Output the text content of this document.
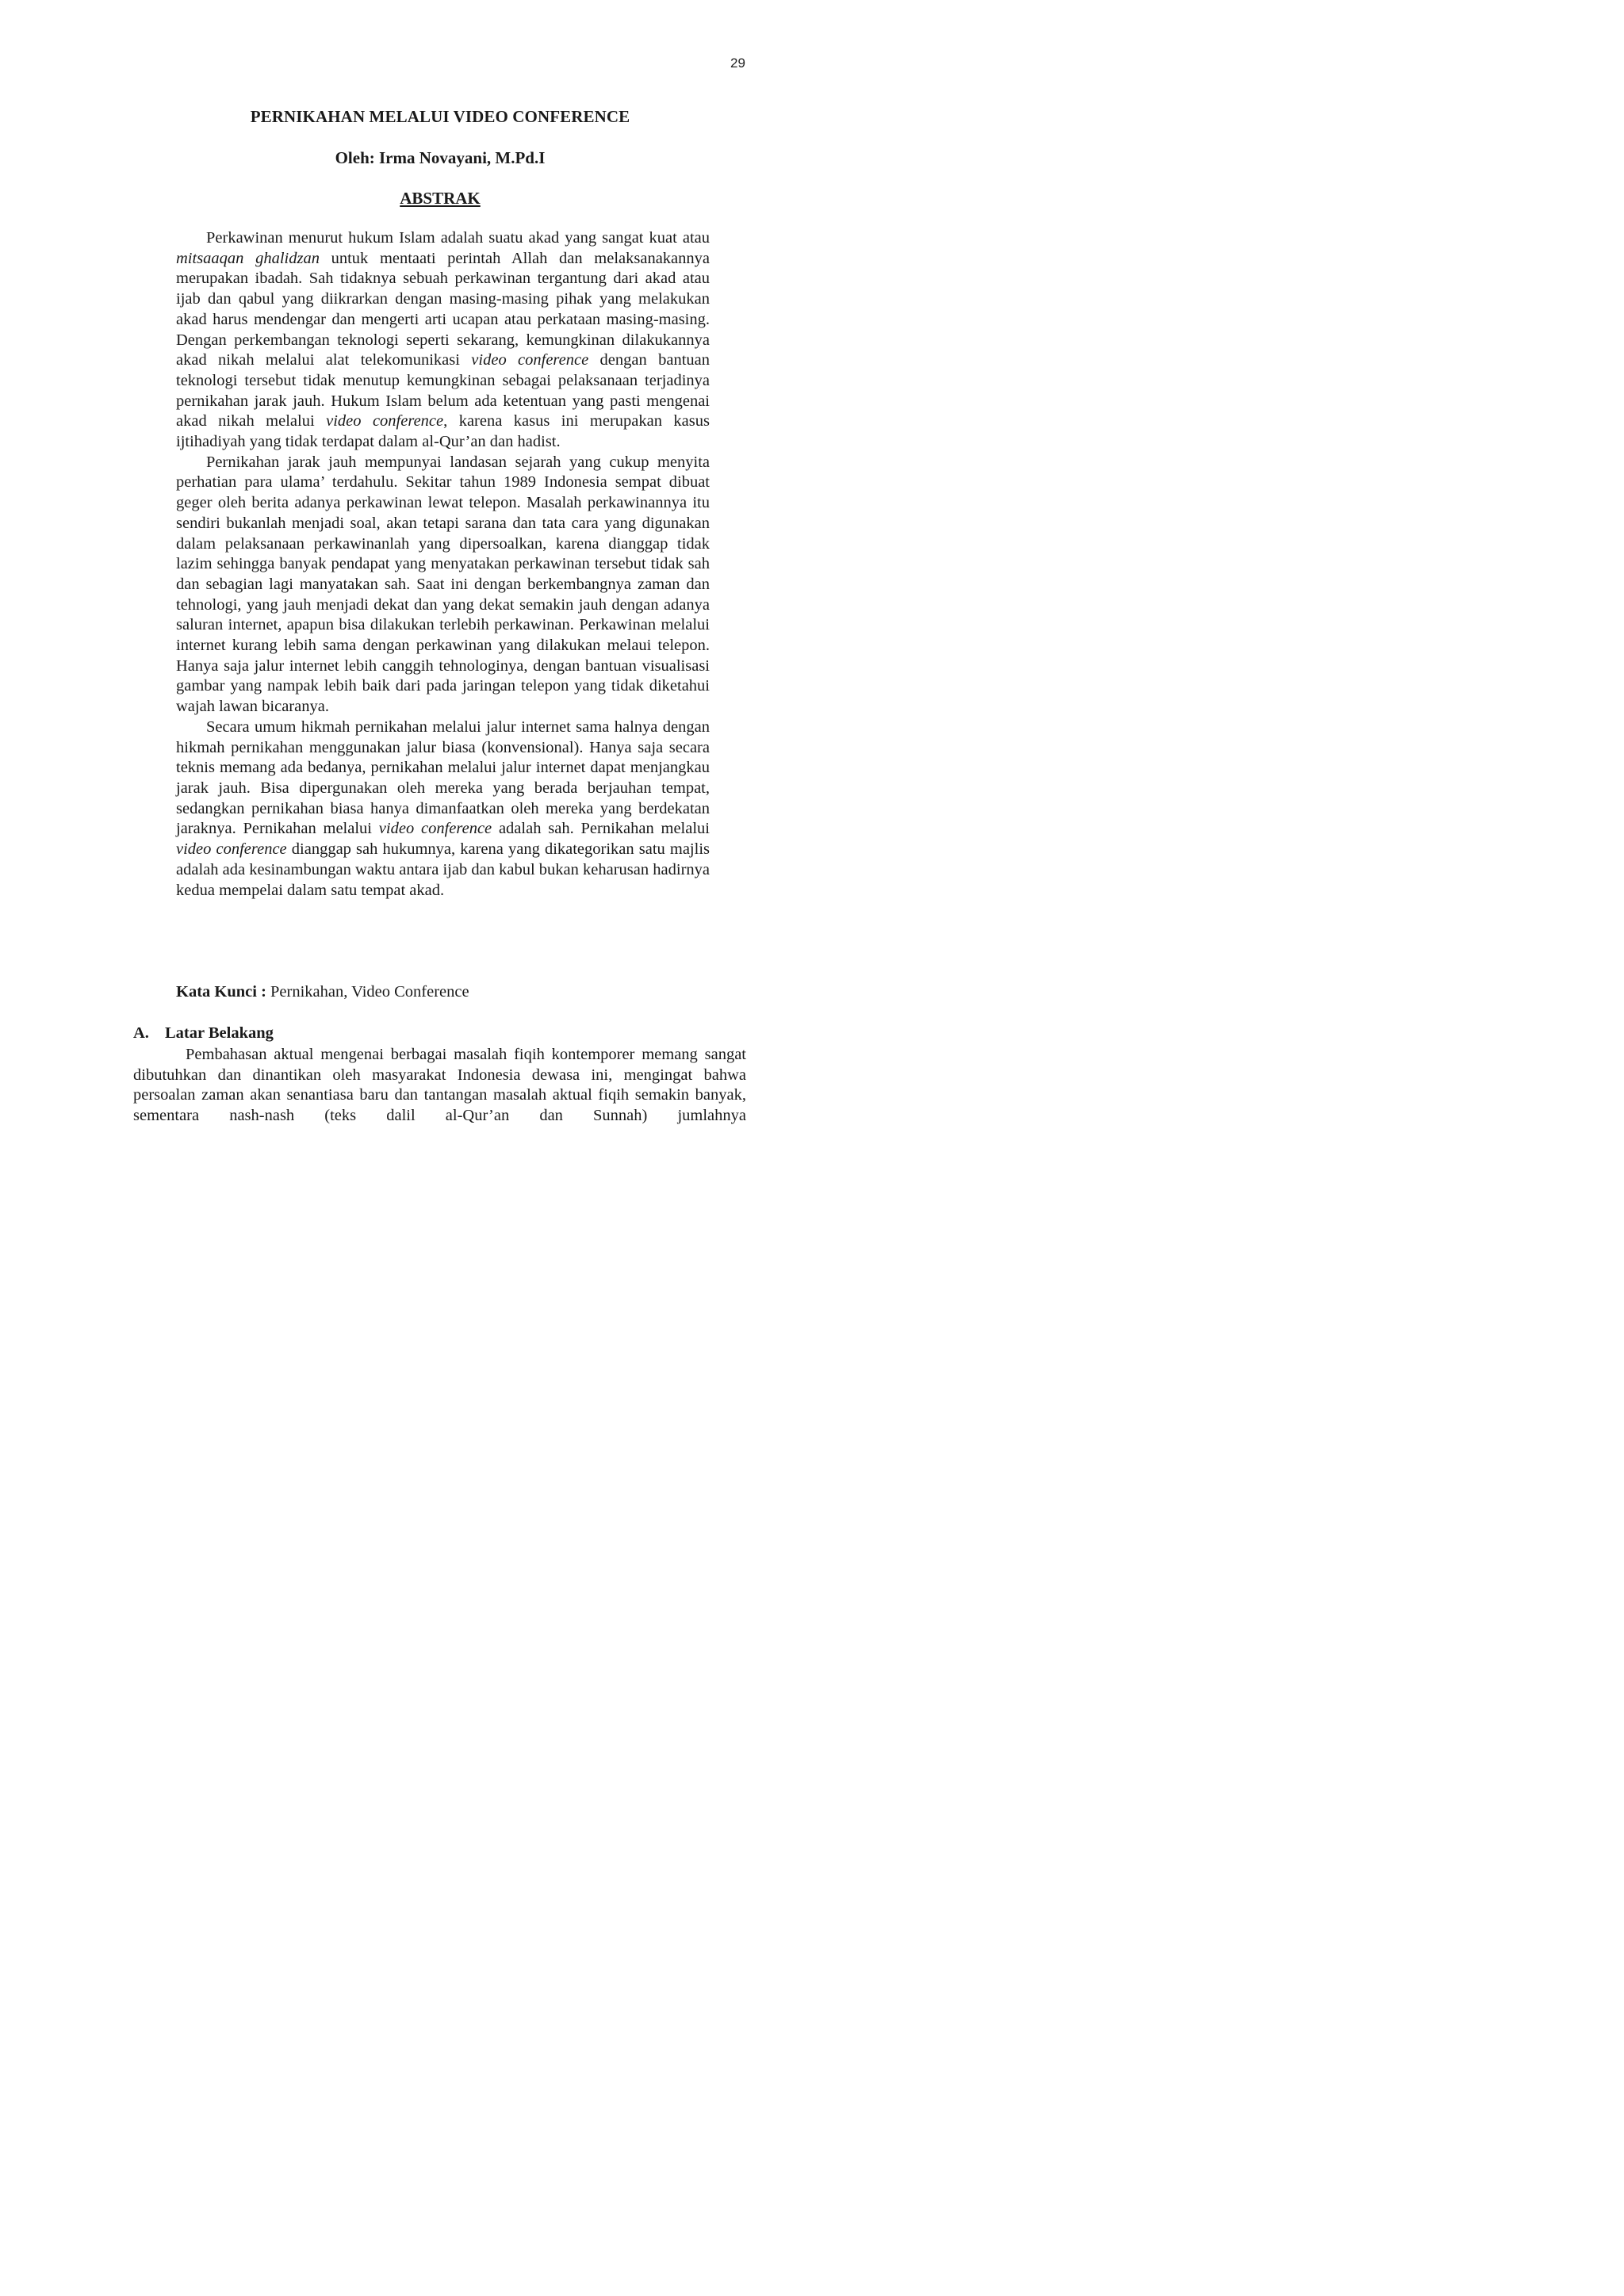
29
PERNIKAHAN MELALUI VIDEO CONFERENCE
Oleh: Irma Novayani, M.Pd.I
ABSTRAK

Perkawinan menurut hukum Islam adalah suatu akad yang sangat kuat atau mitsaaqan ghalidzan untuk mentaati perintah Allah dan melaksanakannya merupakan ibadah. Sah tidaknya sebuah perkawinan tergantung dari akad atau ijab dan qabul yang diikrarkan dengan masing-masing pihak yang melakukan akad harus mendengar dan mengerti arti ucapan atau perkataan masing-masing. Dengan perkembangan teknologi seperti sekarang, kemungkinan dilakukannya akad nikah melalui alat telekomunikasi video conference dengan bantuan teknologi tersebut tidak menutup kemungkinan sebagai pelaksanaan terjadinya pernikahan jarak jauh. Hukum Islam belum ada ketentuan yang pasti mengenai akad nikah melalui video conference, karena kasus ini merupakan kasus ijtihadiyah yang tidak terdapat dalam al-Qur’an dan hadist.

Pernikahan jarak jauh mempunyai landasan sejarah yang cukup menyita perhatian para ulama’ terdahulu. Sekitar tahun 1989 Indonesia sempat dibuat geger oleh berita adanya perkawinan lewat telepon. Masalah perkawinannya itu sendiri bukanlah menjadi soal, akan tetapi sarana dan tata cara yang digunakan dalam pelaksanaan perkawinanlah yang dipersoalkan, karena dianggap tidak lazim sehingga banyak pendapat yang menyatakan perkawinan tersebut tidak sah dan sebagian lagi manyatakan sah. Saat ini dengan berkembangnya zaman dan tehnologi, yang jauh menjadi dekat dan yang dekat semakin jauh dengan adanya saluran internet, apapun bisa dilakukan terlebih perkawinan. Perkawinan melalui internet kurang lebih sama dengan perkawinan yang dilakukan melaui telepon. Hanya saja jalur internet lebih canggih tehnologinya, dengan bantuan visualisasi gambar yang nampak lebih baik dari pada jaringan telepon yang tidak diketahui wajah lawan bicaranya.

Secara umum hikmah pernikahan melalui jalur internet sama halnya dengan hikmah pernikahan menggunakan jalur biasa (konvensional). Hanya saja secara teknis memang ada bedanya, pernikahan melalui jalur internet dapat menjangkau jarak jauh. Bisa dipergunakan oleh mereka yang berada berjauhan tempat, sedangkan pernikahan biasa hanya dimanfaatkan oleh mereka yang berdekatan jaraknya. Pernikahan melalui video conference adalah sah. Pernikahan melalui video conference dianggap sah hukumnya, karena yang dikategorikan satu majlis adalah ada kesinambungan waktu antara ijab dan kabul bukan keharusan hadirnya kedua mempelai dalam satu tempat akad.

Kata Kunci : Pernikahan, Video Conference
A. Latar Belakang

Pembahasan aktual mengenai berbagai masalah fiqih kontemporer memang sangat dibutuhkan dan dinantikan oleh masyarakat Indonesia dewasa ini, mengingat bahwa persoalan zaman akan senantiasa baru dan tantangan masalah aktual fiqih semakin banyak, sementara nash-nash (teks dalil al-Qur’an dan Sunnah) jumlahnya
